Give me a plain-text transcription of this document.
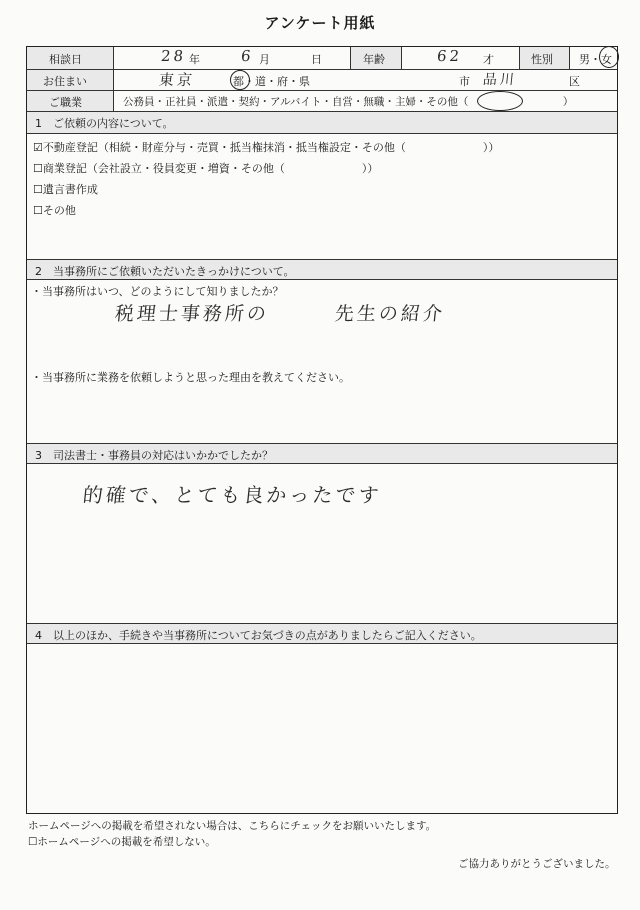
アンケート用紙
相談日	28 年	6 月	日	年齢	62 才	性別 男・女
お住まい	東京	都・道・府・県	市 品川	区
ご職業	公務員・正社員・派遣・契約・アルバイト・自営・無職・主婦・その他（　　　　　　　　　）
1　ご依頼の内容について。
☑不動産登記（相続・財産分与・売買・抵当権抹消・抵当権設定・その他（　　　　　　　））
☐商業登記（会社設立・役員変更・増資・その他（　　　　　　　））
☐遺言書作成
☐その他
2　当事務所にご依頼いただいたきっかけについて。
・当事務所はいつ、どのようにして知りましたか？
税理士事務所の　　　先生の紹介
・当事務所に業務を依頼しようと思った理由を教えてください。
3　司法書士・事務員の対応はいかかでしたか？
的確で、とても良かったです
4　以上のほか、手続きや当事務所についてお気づきの点がありましたらご記入ください。
ホームページへの掲載を希望されない場合は、こちらにチェックをお願いいたします。
☐ホームページへの掲載を希望しない。
ご協力ありがとうございました。
